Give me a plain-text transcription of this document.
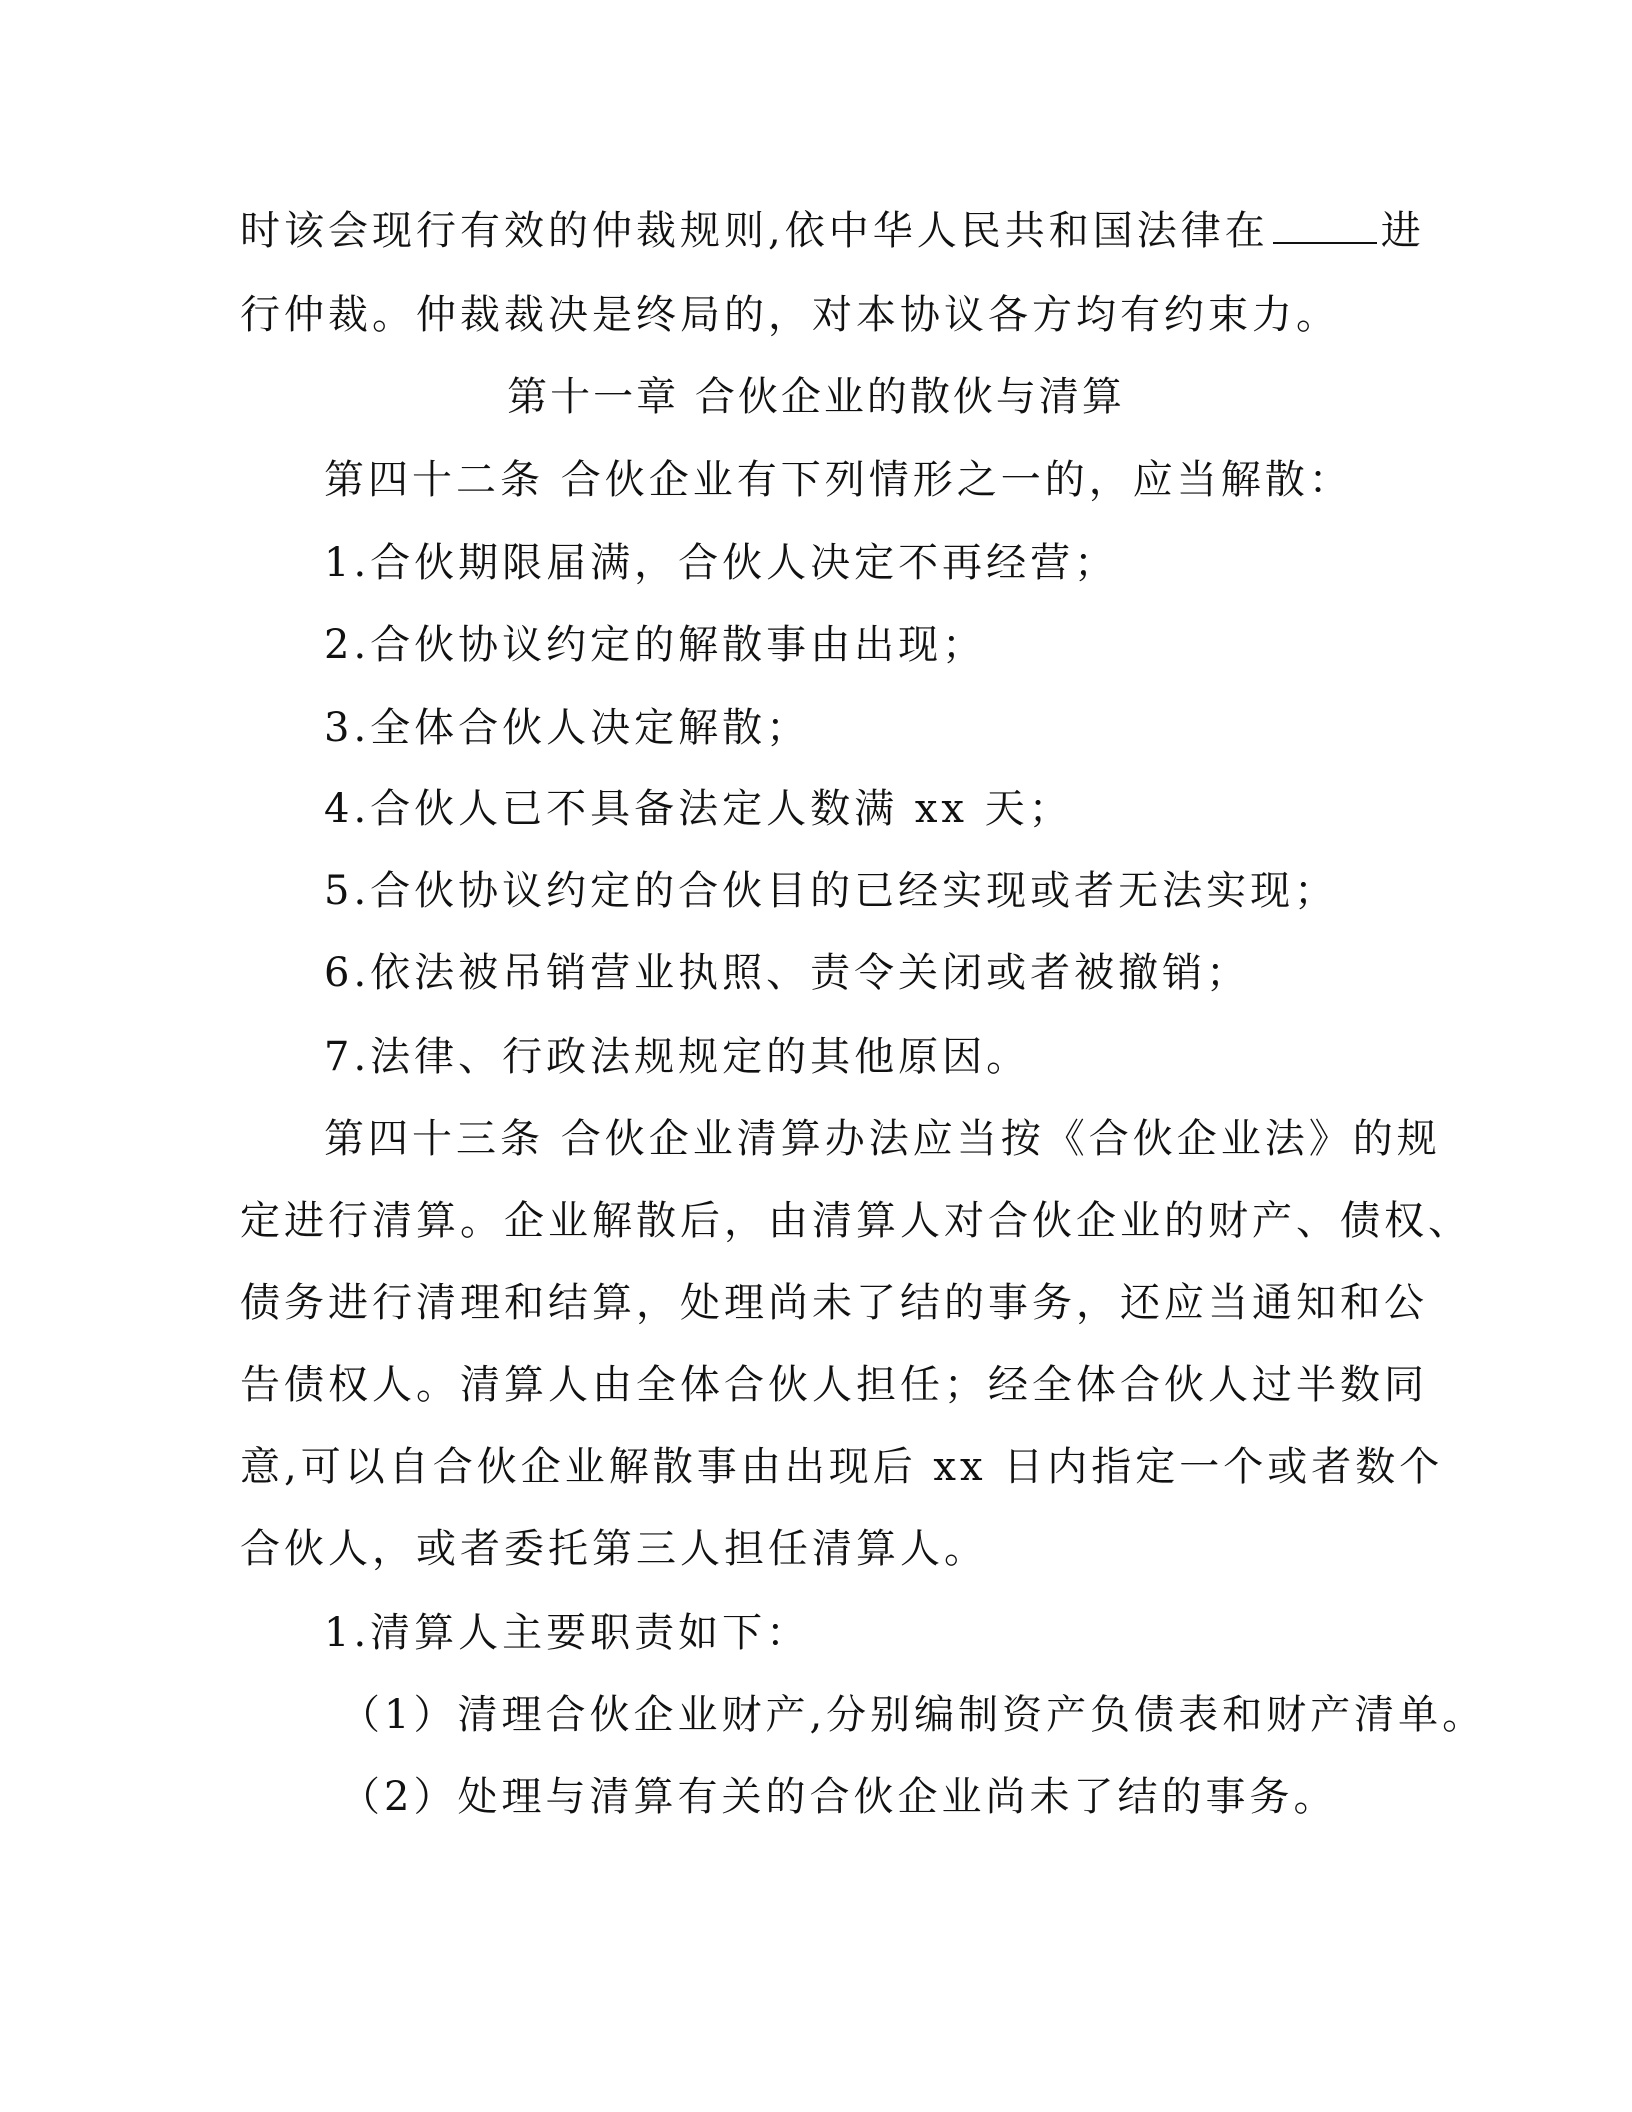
时该会现行有效的仲裁规则,依中华人民共和国法律在	进
行仲裁。仲裁裁决是终局的，对本协议各方均有约束力。
第十一章 合伙企业的散伙与清算
第四十二条 合伙企业有下列情形之一的，应当解散：
1.合伙期限届满，合伙人决定不再经营；
2.合伙协议约定的解散事由出现；
3.全体合伙人决定解散；
4.合伙人已不具备法定人数满 xx 天；
5.合伙协议约定的合伙目的已经实现或者无法实现；
6.依法被吊销营业执照、责令关闭或者被撤销；
7.法律、行政法规规定的其他原因。
第四十三条 合伙企业清算办法应当按《合伙企业法》的规
定进行清算。企业解散后，由清算人对合伙企业的财产、债权、
债务进行清理和结算，处理尚未了结的事务，还应当通知和公
告债权人。清算人由全体合伙人担任；经全体合伙人过半数同
意,可以自合伙企业解散事由出现后 xx 日内指定一个或者数个
合伙人，或者委托第三人担任清算人。
1.清算人主要职责如下：
（1）清理合伙企业财产,分别编制资产负债表和财产清单。
（2）处理与清算有关的合伙企业尚未了结的事务。
